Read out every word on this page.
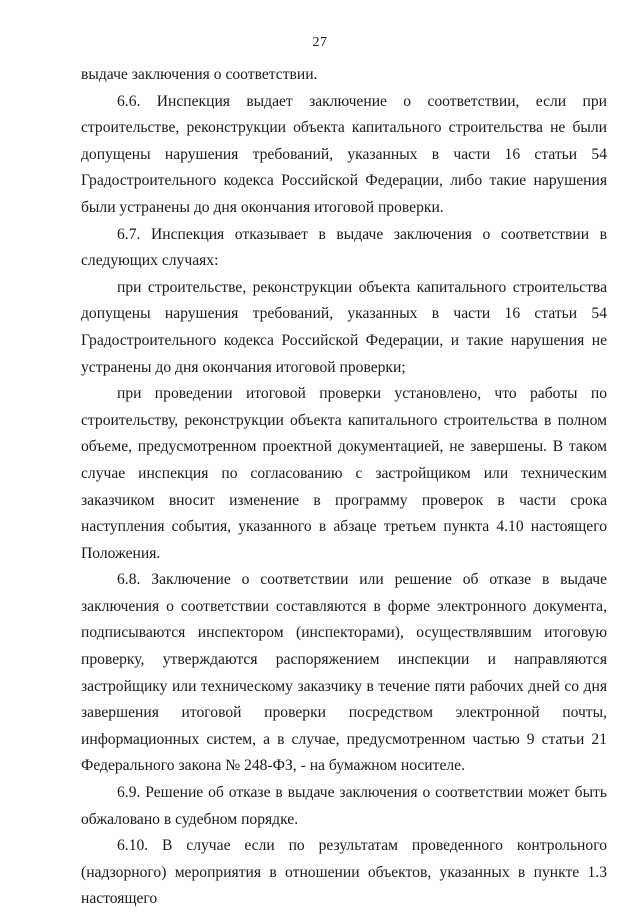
27

выдаче заключения о соответствии.

6.6. Инспекция выдает заключение о соответствии, если при строительстве, реконструкции объекта капитального строительства не были допущены нарушения требований, указанных в части 16 статьи 54 Градостроительного кодекса Российской Федерации, либо такие нарушения были устранены до дня окончания итоговой проверки.

6.7. Инспекция отказывает в выдаче заключения о соответствии в следующих случаях:

при строительстве, реконструкции объекта капитального строительства допущены нарушения требований, указанных в части 16 статьи 54 Градостроительного кодекса Российской Федерации, и такие нарушения не устранены до дня окончания итоговой проверки;

при проведении итоговой проверки установлено, что работы по строительству, реконструкции объекта капитального строительства в полном объеме, предусмотренном проектной документацией, не завершены. В таком случае инспекция по согласованию с застройщиком или техническим заказчиком вносит изменение в программу проверок в части срока наступления события, указанного в абзаце третьем пункта 4.10 настоящего Положения.

6.8. Заключение о соответствии или решение об отказе в выдаче заключения о соответствии составляются в форме электронного документа, подписываются инспектором (инспекторами), осуществлявшим итоговую проверку, утверждаются распоряжением инспекции и направляются застройщику или техническому заказчику в течение пяти рабочих дней со дня завершения итоговой проверки посредством электронной почты, информационных систем, а в случае, предусмотренном частью 9 статьи 21 Федерального закона № 248-ФЗ, - на бумажном носителе.

6.9. Решение об отказе в выдаче заключения о соответствии может быть обжаловано в судебном порядке.

6.10. В случае если по результатам проведенного контрольного (надзорного) мероприятия в отношении объектов, указанных в пункте 1.3 настоящего
